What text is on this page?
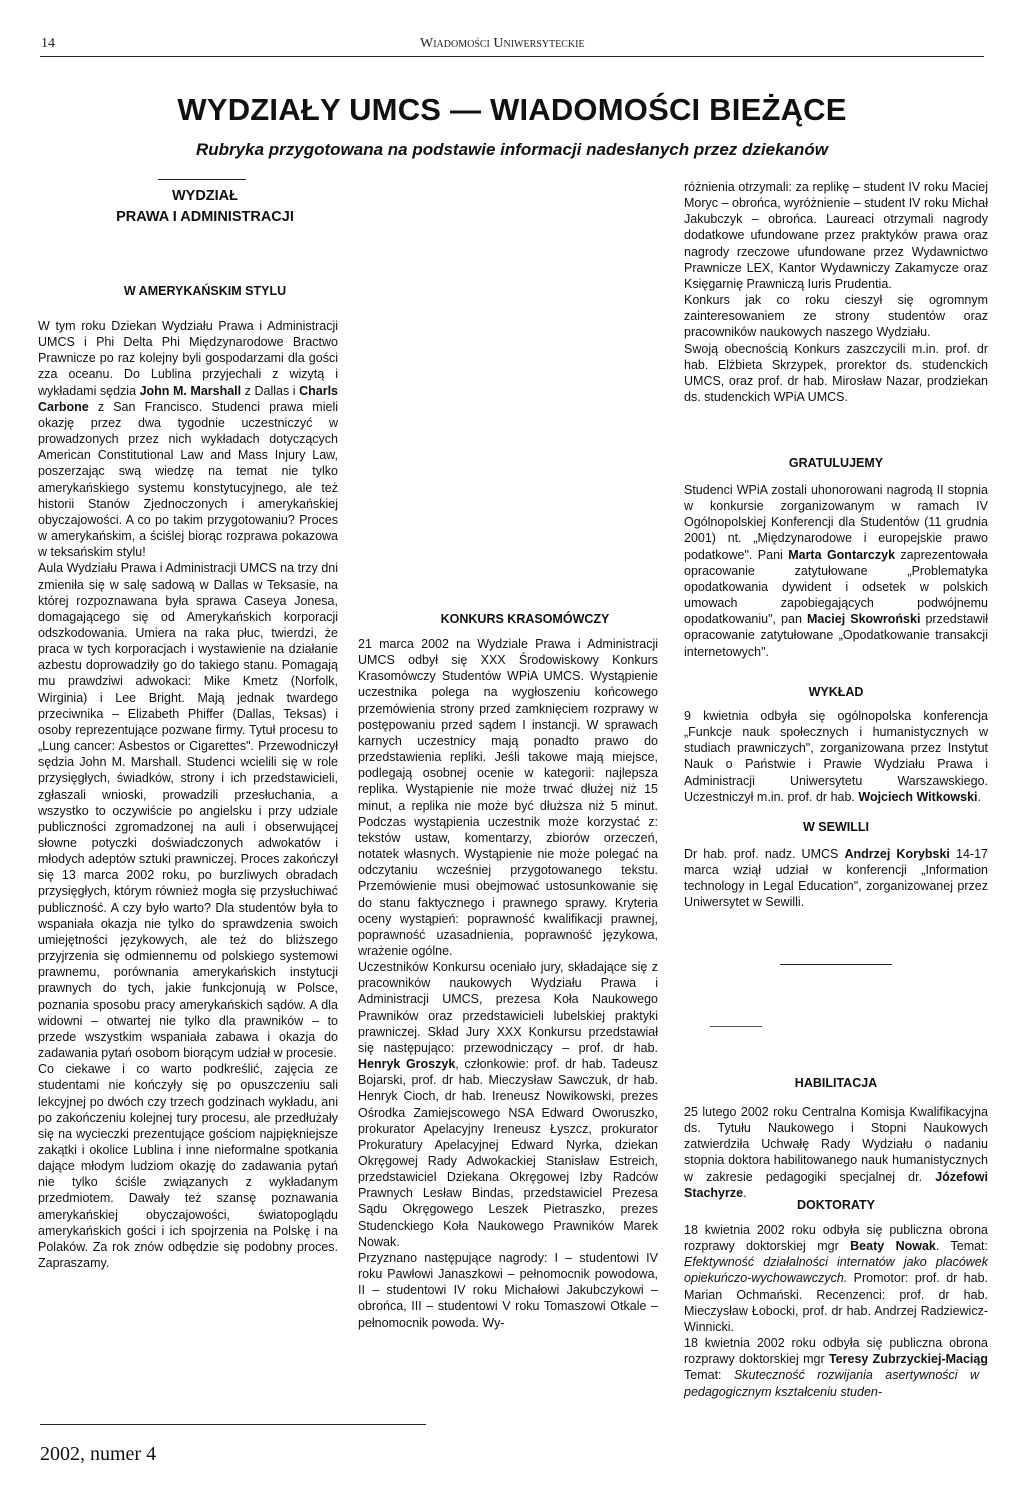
14	Wiadomości Uniwersyteckie
WYDZIAŁY UMCS — WIADOMOŚCI BIEŻĄCE
Rubryka przygotowana na podstawie informacji nadesłanych przez dziekanów
WYDZIAŁ
PRAWA I ADMINISTRACJI
W AMERYKAŃSKIM STYLU

W tym roku Dziekan Wydziału Prawa i Administracji UMCS i Phi Delta Phi Międzynarodowe Bractwo Prawnicze po raz kolejny byli gospodarzami dla gości zza oceanu. Do Lublina przyjechali z wizytą i wykładami sędzia John M. Marshall z Dallas i Charls Carbone z San Francisco. Studenci prawa mieli okazję przez dwa tygodnie uczestniczyć w prowadzonych przez nich wykładach dotyczących American Constitutional Law and Mass Injury Law, poszerzając swą wiedzę na temat nie tylko amerykańskiego systemu konstytucyjnego, ale też historii Stanów Zjednoczonych i amerykańskiej obyczajowości. A co po takim przygotowaniu? Proces w amerykańskim, a ściślej biorąc rozprawa pokazowa w teksańskim stylu!

Aula Wydziału Prawa i Administracji UMCS na trzy dni zmieniła się w salę sadową w Dallas w Teksasie, na której rozpoznawana była sprawa Caseya Jonesa, domagającego się od Amerykańskich korporacji odszkodowania. Umiera na raka płuc, twierdzi, że praca w tych korporacjach i wystawienie na działanie azbestu doprowadziły go do takiego stanu. Pomagają mu prawdziwi adwokaci: Mike Kmetz (Norfolk, Wirginia) i Lee Bright. Mają jednak twardego przeciwnika – Elizabeth Phiffer (Dallas, Teksas) i osoby reprezentujące pozwane firmy. Tytuł procesu to „Lung cancer: Asbestos or Cigarettes". Przewodniczył sędzia John M. Marshall. Studenci wcielili się w role przysięgłych, świadków, strony i ich przedstawicieli, zgłaszali wnioski, prowadzili przesłuchania, a wszystko to oczywiście po angielsku i przy udziale publiczności zgromadzonej na auli i obserwującej słowne potyczki doświadczonych adwokatów i młodych adeptów sztuki prawniczej. Proces zakończył się 13 marca 2002 roku, po burzliwych obradach przysięgłych, którym również mogła się przysłuchiwać publiczność. A czy było warto? Dla studentów była to wspaniała okazja nie tylko do sprawdzenia swoich umiejętności językowych, ale też do bliższego przyjrzenia się odmiennemu od polskiego systemowi prawnemu, porównania amerykańskich instytucji prawnych do tych, jakie funkcjonują w Polsce, poznania sposobu pracy amerykańskich sądów. A dla widowni – otwartej nie tylko dla prawników – to przede wszystkim wspaniała zabawa i okazja do zadawania pytań osobom biorącym udział w procesie.

Co ciekawe i co warto podkreślić, zajęcia ze studentami nie kończyły się po opuszczeniu sali lekcyjnej po dwóch czy trzech godzinach wykładu, ani po zakończeniu kolejnej tury procesu, ale przedłużały się na wycieczki prezentujące gościom najpiękniejsze zakątki i okolice Lublina i inne nieformalne spotkania dające młodym ludziom okazję do zadawania pytań nie tylko ściśle związanych z wykładanym przedmiotem. Dawały też szansę poznawania amerykańskiej obyczajowości, światopoglądu amerykańskich gości i ich spojrzenia na Polskę i na Polaków. Za rok znów odbędzie się podobny proces. Zapraszamy.

KONKURS KRASOMÓWCZY

21 marca 2002 na Wydziale Prawa i Administracji UMCS odbył się XXX Środowiskowy Konkurs Krasomówczy Studentów WPiA UMCS. Wystąpienie uczestnika polega na wygłoszeniu końcowego przemówienia strony przed zamknięciem rozprawy w postępowaniu przed sądem I instancji. W sprawach karnych uczestnicy mają ponadto prawo do przedstawienia repliki. Jeśli takowe mają miejsce, podlegają osobnej ocenie w kategorii: najlepsza replika. Wystąpienie nie może trwać dłużej niż 15 minut, a replika nie może być dłuższa niż 5 minut. Podczas wystąpienia uczestnik może korzystać z: tekstów ustaw, komentarzy, zbiorów orzeczeń, notatek własnych. Wystąpienie nie może polegać na odczytaniu wcześniej przygotowanego tekstu. Przemówienie musi obejmować ustosunkowanie się do stanu faktycznego i prawnego sprawy. Kryteria oceny wystąpień: poprawność kwalifikacji prawnej, poprawność uzasadnienia, poprawność językowa, wrażenie ogólne.

Uczestników Konkursu oceniało jury, składające się z pracowników naukowych Wydziału Prawa i Administracji UMCS, prezesa Koła Naukowego Prawników oraz przedstawicieli lubelskiej praktyki prawniczej. Skład Jury XXX Konkursu przedstawiał się następująco: przewodniczący – prof. dr hab. Henryk Groszyk, członkowie: prof. dr hab. Tadeusz Bojarski, prof. dr hab. Mieczysław Sawczuk, dr hab. Henryk Cioch, dr hab. Ireneusz Nowikowski, prezes Ośrodka Zamiejscowego NSA Edward Oworuszko, prokurator Apelacyjny Ireneusz Łyszcz, prokurator Prokuratury Apelacyjnej Edward Nyrka, dziekan Okręgowej Rady Adwokackiej Stanisław Estreich, przedstawiciel Dziekana Okręgowej Izby Radców Prawnych Lesław Bindas, przedstawiciel Prezesa Sądu Okręgowego Leszek Pietraszko, prezes Studenckiego Koła Naukowego Prawników Marek Nowak.

Przyznano następujące nagrody: I – studentowi IV roku Pawłowi Janaszkowi – pełnomocnik powodowa, II – studentowi IV roku Michałowi Jakubczykowi – obrońca, III – studentowi V roku Tomaszowi Otkale – pełnomocnik powoda. Wy-

różnienia otrzymali: za replikę – student IV roku Maciej Moryc – obrońca, wyróżnienie – student IV roku Michał Jakubczyk – obrońca. Laureaci otrzymali nagrody dodatkowe ufundowane przez praktyków prawa oraz nagrody rzeczowe ufundowane przez Wydawnictwo Prawnicze LEX, Kantor Wydawniczy Zakamycze oraz Księgarnię Prawniczą Iuris Prudentia.

Konkurs jak co roku cieszył się ogromnym zainteresowaniem ze strony studentów oraz pracowników naukowych naszego Wydziału.

Swoją obecnością Konkurs zaszczycili m.in. prof. dr hab. Elżbieta Skrzypek, prorektor ds. studenckich UMCS, oraz prof. dr hab. Mirosław Nazar, prodziekan ds. studenckich WPiA UMCS.

GRATULUJEMY

Studenci WPiA zostali uhonorowani nagrodą II stopnia w konkursie zorganizowanym w ramach IV Ogólnopolskiej Konferencji dla Studentów (11 grudnia 2001) nt. „Międzynarodowe i europejskie prawo podatkowe". Pani Marta Gontarczyk zaprezentowała opracowanie zatytułowane „Problematyka opodatkowania dywident i odsetek w polskich umowach zapobiegających podwójnemu opodatkowaniu", pan Maciej Skowroński przedstawił opracowanie zatytułowane „Opodatkowanie transakcji internetowych".

WYKŁAD

9 kwietnia odbyła się ogólnopolska konferencja „Funkcje nauk społecznych i humanistycznych w studiach prawniczych", zorganizowana przez Instytut Nauk o Państwie i Prawie Wydziału Prawa i Administracji Uniwersytetu Warszawskiego. Uczestniczył m.in. prof. dr hab. Wojciech Witkowski.

W SEWILLI

Dr hab. prof. nadz. UMCS Andrzej Korybski 14-17 marca wziął udział w konferencji „Information technology in Legal Education", zorganizowanej przez Uniwersytet w Sewilli.

HABILITACJA

25 lutego 2002 roku Centralna Komisja Kwalifikacyjna ds. Tytułu Naukowego i Stopni Naukowych zatwierdziła Uchwałę Rady Wydziału o nadaniu stopnia doktora habilitowanego nauk humanistycznych w zakresie pedagogiki specjalnej dr. Józefowi Stachyrze.

DOKTORATY

18 kwietnia 2002 roku odbyła się publiczna obrona rozprawy doktorskiej mgr Beaty Nowak. Temat: Efektywność działalności internatów jako placówek opiekuńczo-wychowawczych. Promotor: prof. dr hab. Marian Ochmański. Recenzenci: prof. dr hab. Mieczysław Łobocki, prof. dr hab. Andrzej Radziewicz-Winnicki.

18 kwietnia 2002 roku odbyła się publiczna obrona rozprawy doktorskiej mgr Teresy Zubrzyckiej-Maciąg Temat: Skuteczność rozwijania asertywności w pedagogicznym kształceniu studen-

2002, numer 4
